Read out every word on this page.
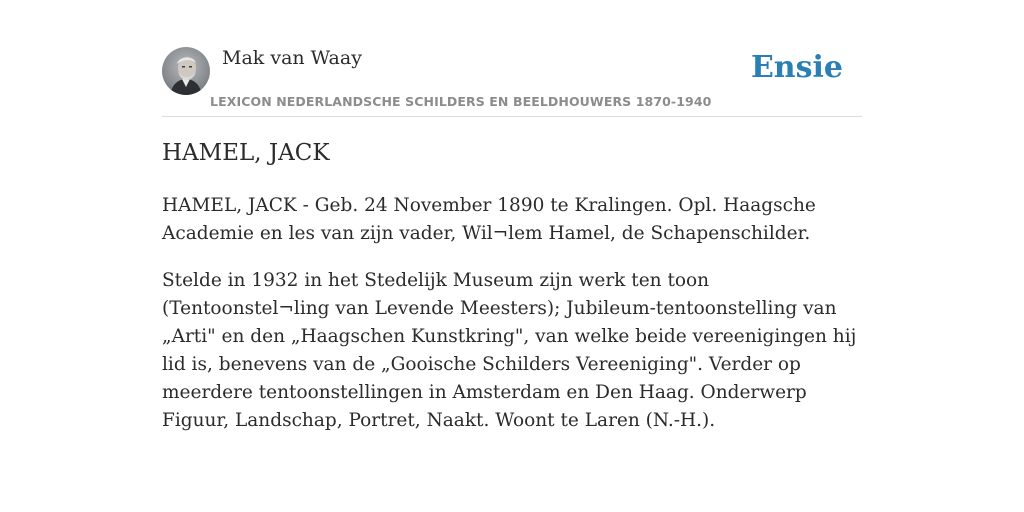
Mak van Waay
LEXICON NEDERLANDSCHE SCHILDERS EN BEELDHOUWERS 1870-1940
Ensie
HAMEL, JACK

HAMEL, JACK - Geb. 24 November 1890 te Kralingen. Opl. Haagsche Academie en les van zijn vader, Wil¬lem Hamel, de Schapenschilder.

Stelde in 1932 in het Stedelijk Museum zijn werk ten toon (Tentoonstel¬ling van Levende Meesters); Jubileum-tentoonstelling van „Arti" en den „Haagschen Kunstkring", van welke beide vereenigingen hij lid is, benevens van de „Gooische Schilders Vereeniging". Verder op meerdere tentoonstellingen in Amsterdam en Den Haag. Onderwerp Figuur, Landschap, Portret, Naakt. Woont te Laren (N.-H.).
